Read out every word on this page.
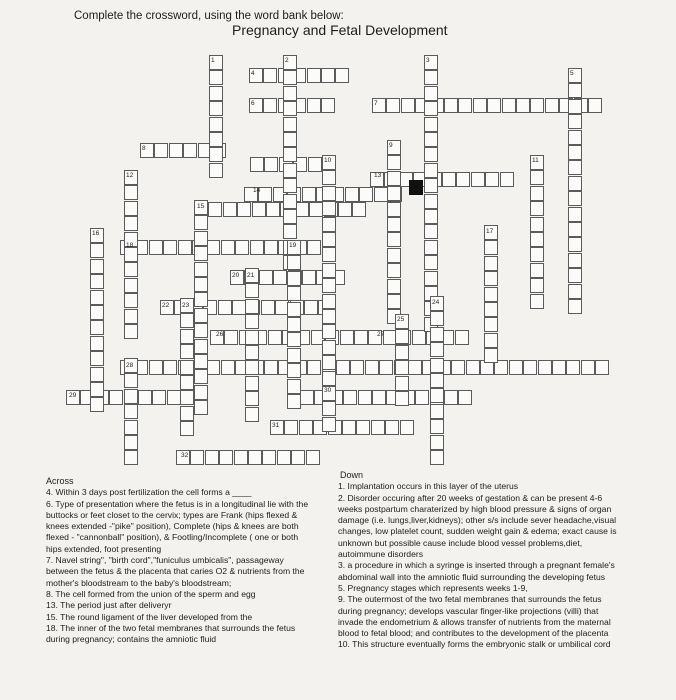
Complete the crossword, using the word bank below:
Pregnancy and Fetal Development
1	2	3
4	5
6	7
8	9
10	11
12	13
14
15
16	17
18	19
20 21
22 23	24
25
26	27
28
29
30
31
32
Across
4. Within 3 days post fertilization the cell forms a ____
6. Type of presentation where the fetus is in a longitudinal lie with the
buttocks or feet closet to the cervix; types are Frank (hips flexed &
knees extended -"pike" position), Complete (hips & knees are both
flexed - "cannonball" position), & Footling/Incomplete ( one or both
hips extended, foot presenting
7. Navel string", "birth cord","funiculus umbicalis", passageway
between the fetus & the placenta that caries O2 & nutrients from the
mother's bloodstream to the baby's bloodstream;
8. The cell formed from the union of the sperm and egg
13. The period just after deliveryr
15. The round ligament of the liver developed from the
18. The inner of the two fetal membranes that surrounds the fetus
during pregnancy; contains the amniotic fluid
Down
1. Implantation occurs in this layer of the uterus
2. Disorder occuring after 20 weeks of gestation & can be present 4-6
weeks postpartum charaterized by high blood pressure & signs of organ
damage (i.e. lungs,liver,kidneys); other s/s include sever headache,visual
changes, low platelet count, sudden weight gain & edema; exact cause is
unknown but possible cause include blood vessel problems,diet,
autoimmune disorders
3. a procedure in which a syringe is inserted through a pregnant female's
abdominal wall into the amniotic fluid surrounding the developing fetus
5. Pregnancy stages which represents weeks 1-9,
9. The outermost of the two fetal membranes that surrounds the fetus
during pregnancy; develops vascular finger-like projections (villi) that
invade the endometrium & allows transfer of nutrients from the maternal
blood to fetal blood; and contributes to the development of the placenta
10. This structure eventually forms the embryonic stalk or umbilical cord
